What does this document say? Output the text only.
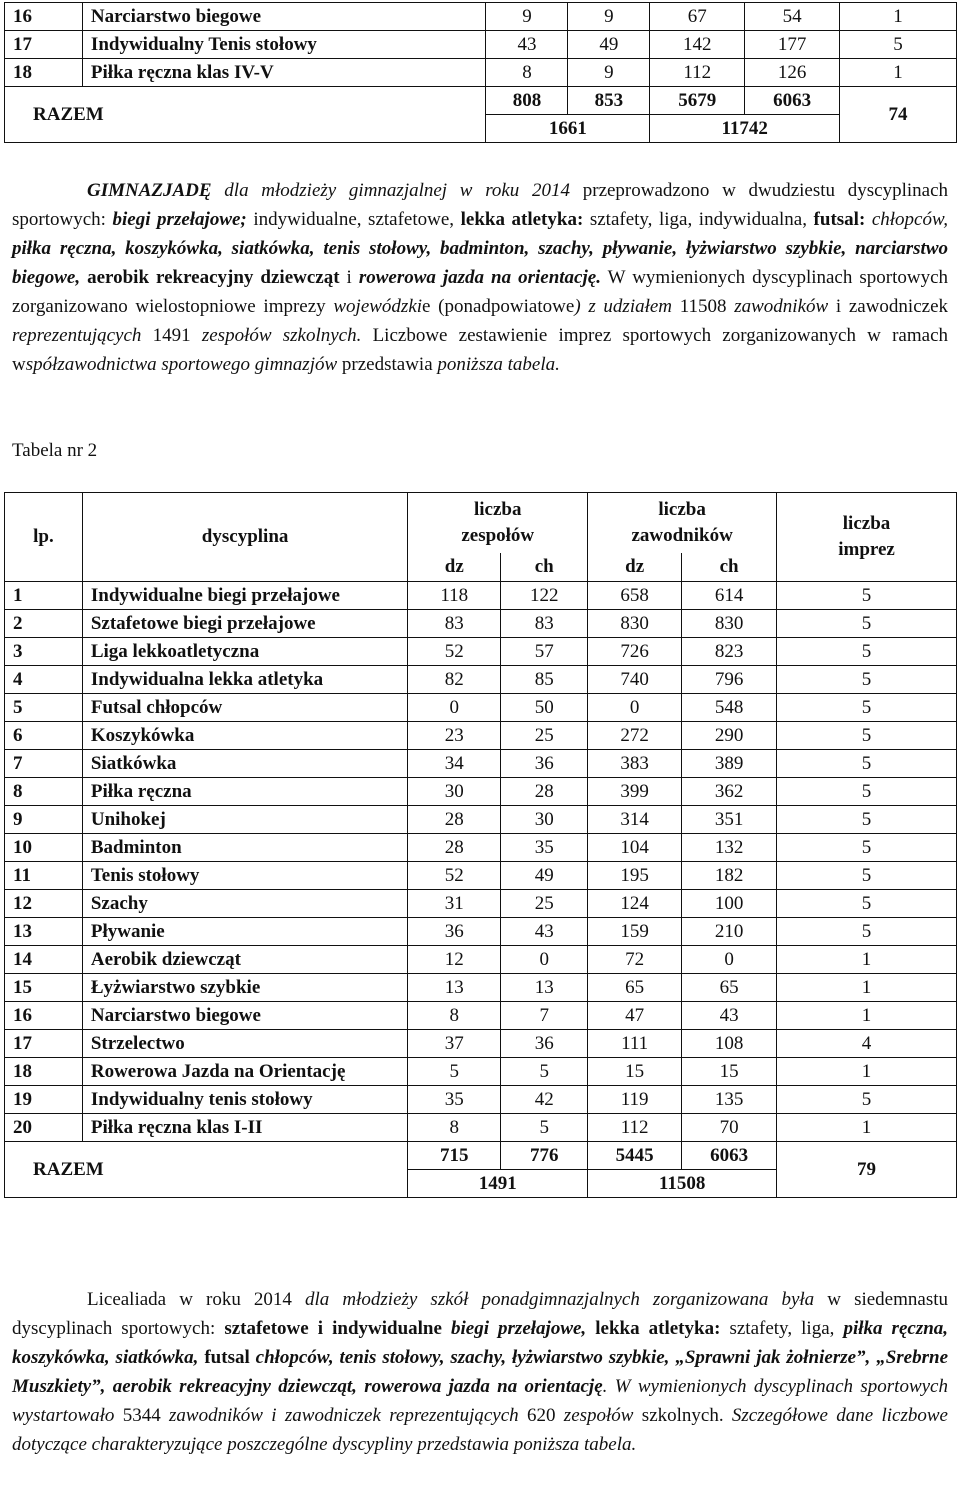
16	Narciarstwo biegowe	9	9	67	54	1
17	Indywidualny Tenis stołowy	43	49	142	177	5
18	Piłka ręczna klas IV-V	8	9	112	126	1
RAZEM		808	853	5679	6063	74
		1661		11742		
GIMNAZJADĘ dla młodzieży gimnazjalnej w roku 2014 przeprowadzono w dwudziestu dyscyplinach sportowych: biegi przełajowe; indywidualne, sztafetowe, lekka atletyka: sztafety, liga, indywidualna, futsal: chłopców, piłka ręczna, koszykówka, siatkówka, tenis stołowy, badminton, szachy, pływanie, łyżwiarstwo szybkie, narciarstwo biegowe, aerobik rekreacyjny dziewcząt i rowerowa jazda na orientację. W wymienionych dyscyplinach sportowych zorganizowano wielostopniowe imprezy wojewódzkie (ponadpowiatowe) z udziałem 11508 zawodników i zawodniczek reprezentujących 1491 zespołów szkolnych. Liczbowe zestawienie imprez sportowych zorganizowanych w ramach współzawodnictwa sportowego gimnazjów przedstawia poniższa tabela.
Tabela nr 2
lp.	dyscyplina	liczba zespołów		liczba zawodników		liczba imprez
		dz	ch	dz	ch	
1	Indywidualne biegi przełajowe	118	122	658	614	5
2	Sztafetowe biegi przełajowe	83	83	830	830	5
3	Liga lekkoatletyczna	52	57	726	823	5
4	Indywidualna lekka atletyka	82	85	740	796	5
5	Futsal chłopców	0	50	0	548	5
6	Koszykówka	23	25	272	290	5
7	Siatkówka	34	36	383	389	5
8	Piłka ręczna	30	28	399	362	5
9	Unihokej	28	30	314	351	5
10	Badminton	28	35	104	132	5
11	Tenis stołowy	52	49	195	182	5
12	Szachy	31	25	124	100	5
13	Pływanie	36	43	159	210	5
14	Aerobik dziewcząt	12	0	72	0	1
15	Łyżwiarstwo szybkie	13	13	65	65	1
16	Narciarstwo biegowe	8	7	47	43	1
17	Strzelectwo	37	36	111	108	4
18	Rowerowa Jazda na Orientację	5	5	15	15	1
19	Indywidualny tenis stołowy	35	42	119	135	5
20	Piłka ręczna klas I-II	8	5	112	70	1
RAZEM		715	776	5445	6063	79
		1491		11508		
Licealiada w roku 2014 dla młodzieży szkół ponadgimnazjalnych zorganizowana była w siedemnastu dyscyplinach sportowych: sztafetowe i indywidualne biegi przełajowe, lekka atletyka: sztafety, liga, piłka ręczna, koszykówka, siatkówka, futsal chłopców, tenis stołowy, szachy, łyżwiarstwo szybkie, „Sprawni jak żołnierze”, „Srebrne Muszkiety”, aerobik rekreacyjny dziewcząt, rowerowa jazda na orientację. W wymienionych dyscyplinach sportowych wystartowało 5344 zawodników i zawodniczek reprezentujących 620 zespołów szkolnych. Szczegółowe dane liczbowe dotyczące charakteryzujące poszczególne dyscypliny przedstawia poniższa tabela.
